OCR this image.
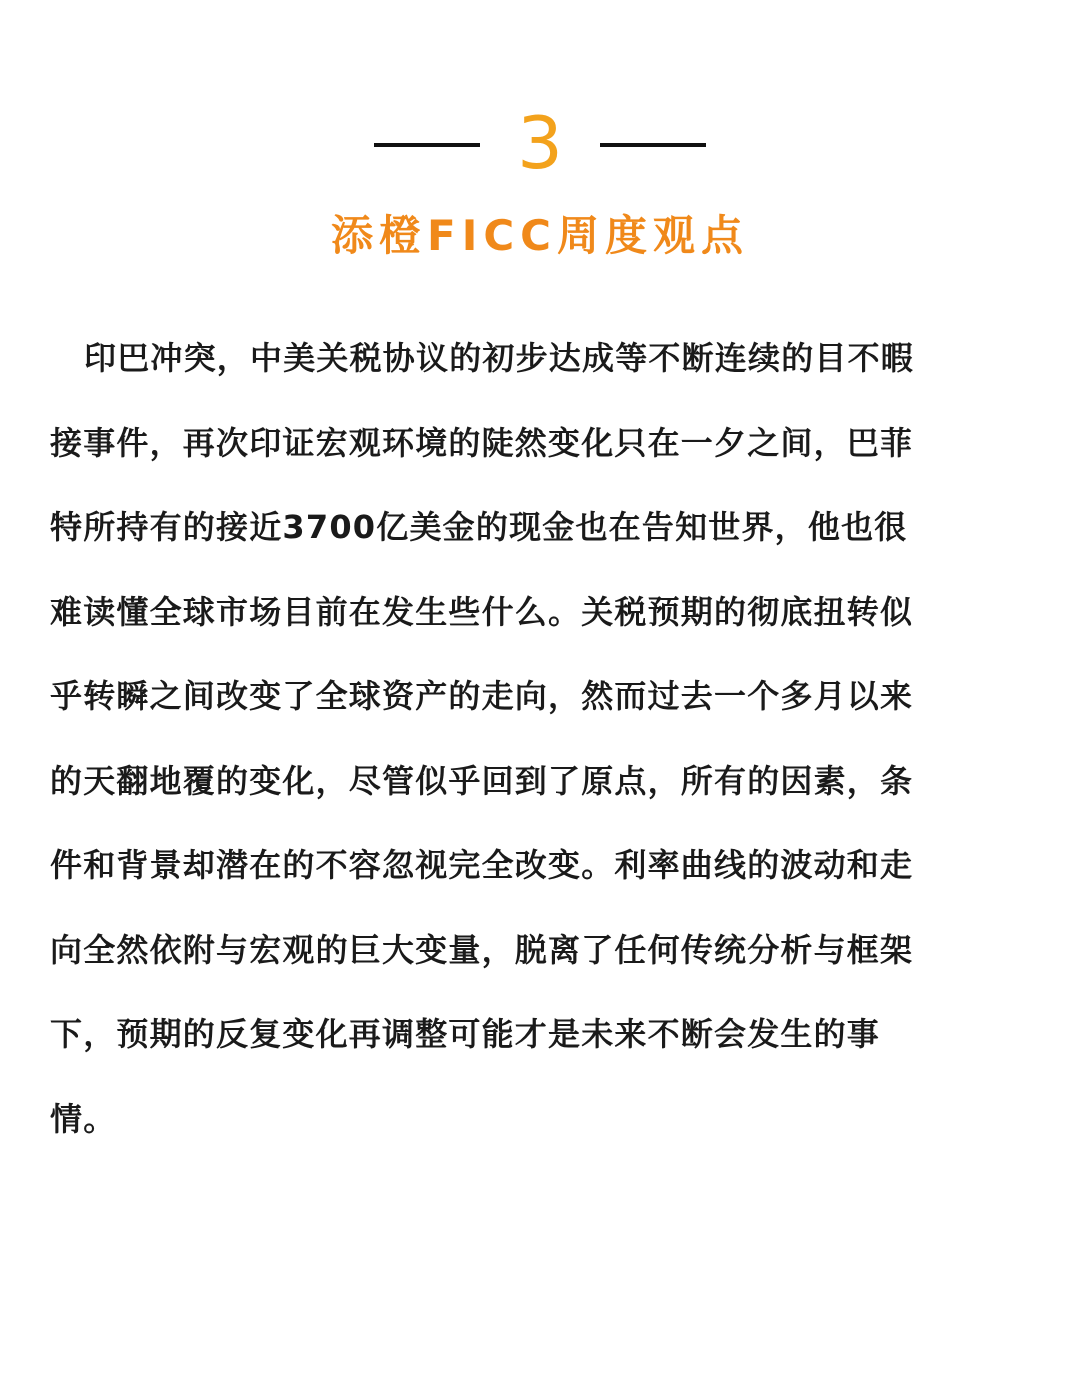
3
添橙FICC周度观点

印巴冲突，中美关税协议的初步达成等不断连续的目不暇
接事件，再次印证宏观环境的陡然变化只在一夕之间，巴菲
特所持有的接近3700亿美金的现金也在告知世界，他也很
难读懂全球市场目前在发生些什么。关税预期的彻底扭转似
乎转瞬之间改变了全球资产的走向，然而过去一个多月以来
的天翻地覆的变化，尽管似乎回到了原点，所有的因素，条
件和背景却潜在的不容忽视完全改变。利率曲线的波动和走
向全然依附与宏观的巨大变量，脱离了任何传统分析与框架
下，预期的反复变化再调整可能才是未来不断会发生的事
情。
